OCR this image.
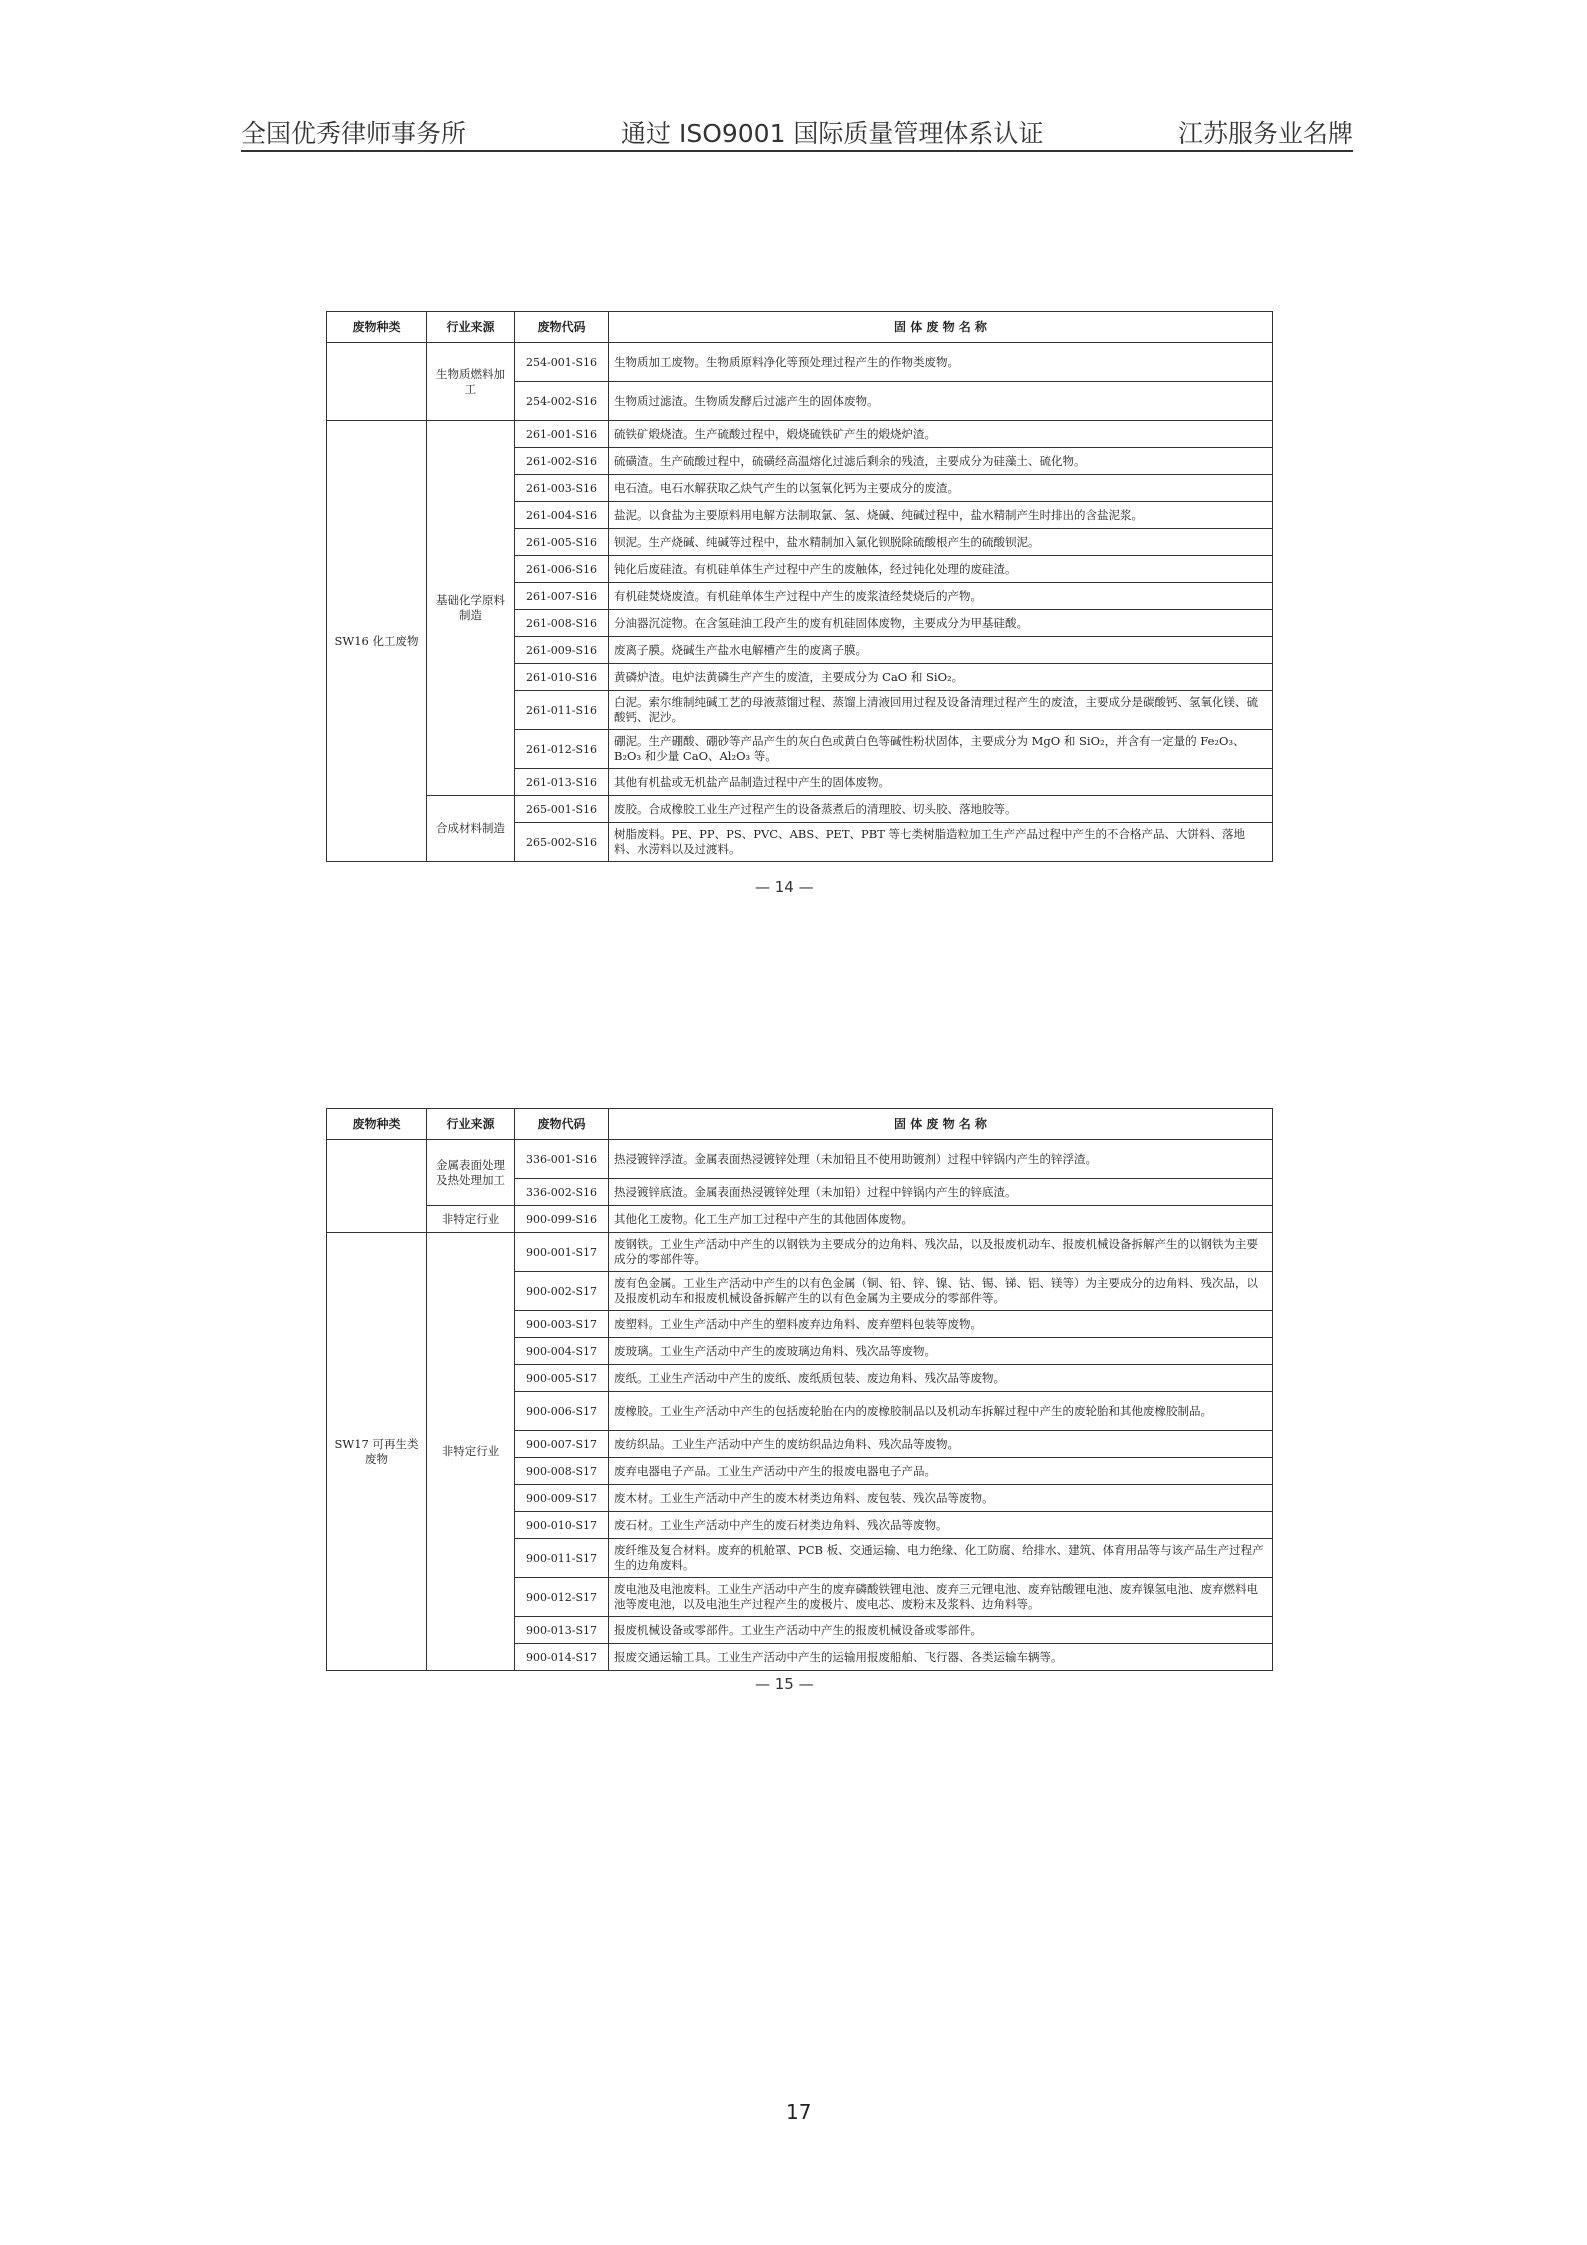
全国优秀律师事务所	通过 ISO9001 国际质量管理体系认证	江苏服务业名牌
废物种类	行业来源	废物代码	固 体 废 物 名 称
	生物质燃料加工	254-001-S16	生物质加工废物。生物质原料净化等预处理过程产生的作物类废物。
		254-002-S16	生物质过滤渣。生物质发酵后过滤产生的固体废物。
SW16 化工废物	基础化学原料制造	261-001-S16	硫铁矿煅烧渣。生产硫酸过程中，煅烧硫铁矿产生的煅烧炉渣。
		261-002-S16	硫磺渣。生产硫酸过程中，硫磺经高温熔化过滤后剩余的残渣，主要成分为硅藻土、硫化物。
		261-003-S16	电石渣。电石水解获取乙炔气产生的以氢氧化钙为主要成分的废渣。
		261-004-S16	盐泥。以食盐为主要原料用电解方法制取氯、氢、烧碱、纯碱过程中，盐水精制产生时排出的含盐泥浆。
		261-005-S16	钡泥。生产烧碱、纯碱等过程中，盐水精制加入氯化钡脱除硫酸根产生的硫酸钡泥。
		261-006-S16	钝化后废硅渣。有机硅单体生产过程中产生的废触体，经过钝化处理的废硅渣。
		261-007-S16	有机硅焚烧废渣。有机硅单体生产过程中产生的废浆渣经焚烧后的产物。
		261-008-S16	分油器沉淀物。在含氢硅油工段产生的废有机硅固体废物，主要成分为甲基硅酸。
		261-009-S16	废离子膜。烧碱生产盐水电解槽产生的废离子膜。
		261-010-S16	黄磷炉渣。电炉法黄磷生产产生的废渣，主要成分为 CaO 和 SiO₂。
		261-011-S16	白泥。索尔维制纯碱工艺的母液蒸馏过程、蒸馏上清液回用过程及设备清理过程产生的废渣，主要成分是碳酸钙、氢氧化镁、硫酸钙、泥沙。
		261-012-S16	硼泥。生产硼酸、硼砂等产品产生的灰白色或黄白色等碱性粉状固体，主要成分为 MgO 和 SiO₂，并含有一定量的 Fe₂O₃、B₂O₃ 和少量 CaO、Al₂O₃ 等。
		261-013-S16	其他有机盐或无机盐产品制造过程中产生的固体废物。
	合成材料制造	265-001-S16	废胶。合成橡胶工业生产过程产生的设备蒸煮后的清理胶、切头胶、落地胶等。
		265-002-S16	树脂废料。PE、PP、PS、PVC、ABS、PET、PBT 等七类树脂造粒加工生产产品过程中产生的不合格产品、大饼料、落地料、水涝料以及过渡料。
— 14 —
废物种类	行业来源	废物代码	固 体 废 物 名 称
	金属表面处理及热处理加工	336-001-S16	热浸镀锌浮渣。金属表面热浸镀锌处理（未加铅且不使用助镀剂）过程中锌锅内产生的锌浮渣。
		336-002-S16	热浸镀锌底渣。金属表面热浸镀锌处理（未加铅）过程中锌锅内产生的锌底渣。
	非特定行业	900-099-S16	其他化工废物。化工生产加工过程中产生的其他固体废物。
SW17 可再生类废物	非特定行业	900-001-S17	废钢铁。工业生产活动中产生的以钢铁为主要成分的边角料、残次品，以及报废机动车、报废机械设备拆解产生的以钢铁为主要成分的零部件等。
		900-002-S17	废有色金属。工业生产活动中产生的以有色金属（铜、铅、锌、镍、钴、锡、锑、铝、镁等）为主要成分的边角料、残次品，以及报废机动车和报废机械设备拆解产生的以有色金属为主要成分的零部件等。
		900-003-S17	废塑料。工业生产活动中产生的塑料废弃边角料、废弃塑料包装等废物。
		900-004-S17	废玻璃。工业生产活动中产生的废玻璃边角料、残次品等废物。
		900-005-S17	废纸。工业生产活动中产生的废纸、废纸质包装、废边角料、残次品等废物。
		900-006-S17	废橡胶。工业生产活动中产生的包括废轮胎在内的废橡胶制品以及机动车拆解过程中产生的废轮胎和其他废橡胶制品。
		900-007-S17	废纺织品。工业生产活动中产生的废纺织品边角料、残次品等废物。
		900-008-S17	废弃电器电子产品。工业生产活动中产生的报废电器电子产品。
		900-009-S17	废木材。工业生产活动中产生的废木材类边角料、废包装、残次品等废物。
		900-010-S17	废石材。工业生产活动中产生的废石材类边角料、残次品等废物。
		900-011-S17	废纤维及复合材料。废弃的机舱罩、PCB 板、交通运输、电力绝缘、化工防腐、给排水、建筑、体育用品等与该产品生产过程产生的边角废料。
		900-012-S17	废电池及电池废料。工业生产活动中产生的废弃磷酸铁锂电池、废弃三元锂电池、废弃钴酸锂电池、废弃镍氢电池、废弃燃料电池等废电池，以及电池生产过程产生的废极片、废电芯、废粉末及浆料、边角料等。
		900-013-S17	报废机械设备或零部件。工业生产活动中产生的报废机械设备或零部件。
		900-014-S17	报废交通运输工具。工业生产活动中产生的运输用报废船舶、飞行器、各类运输车辆等。
— 15 —
17
